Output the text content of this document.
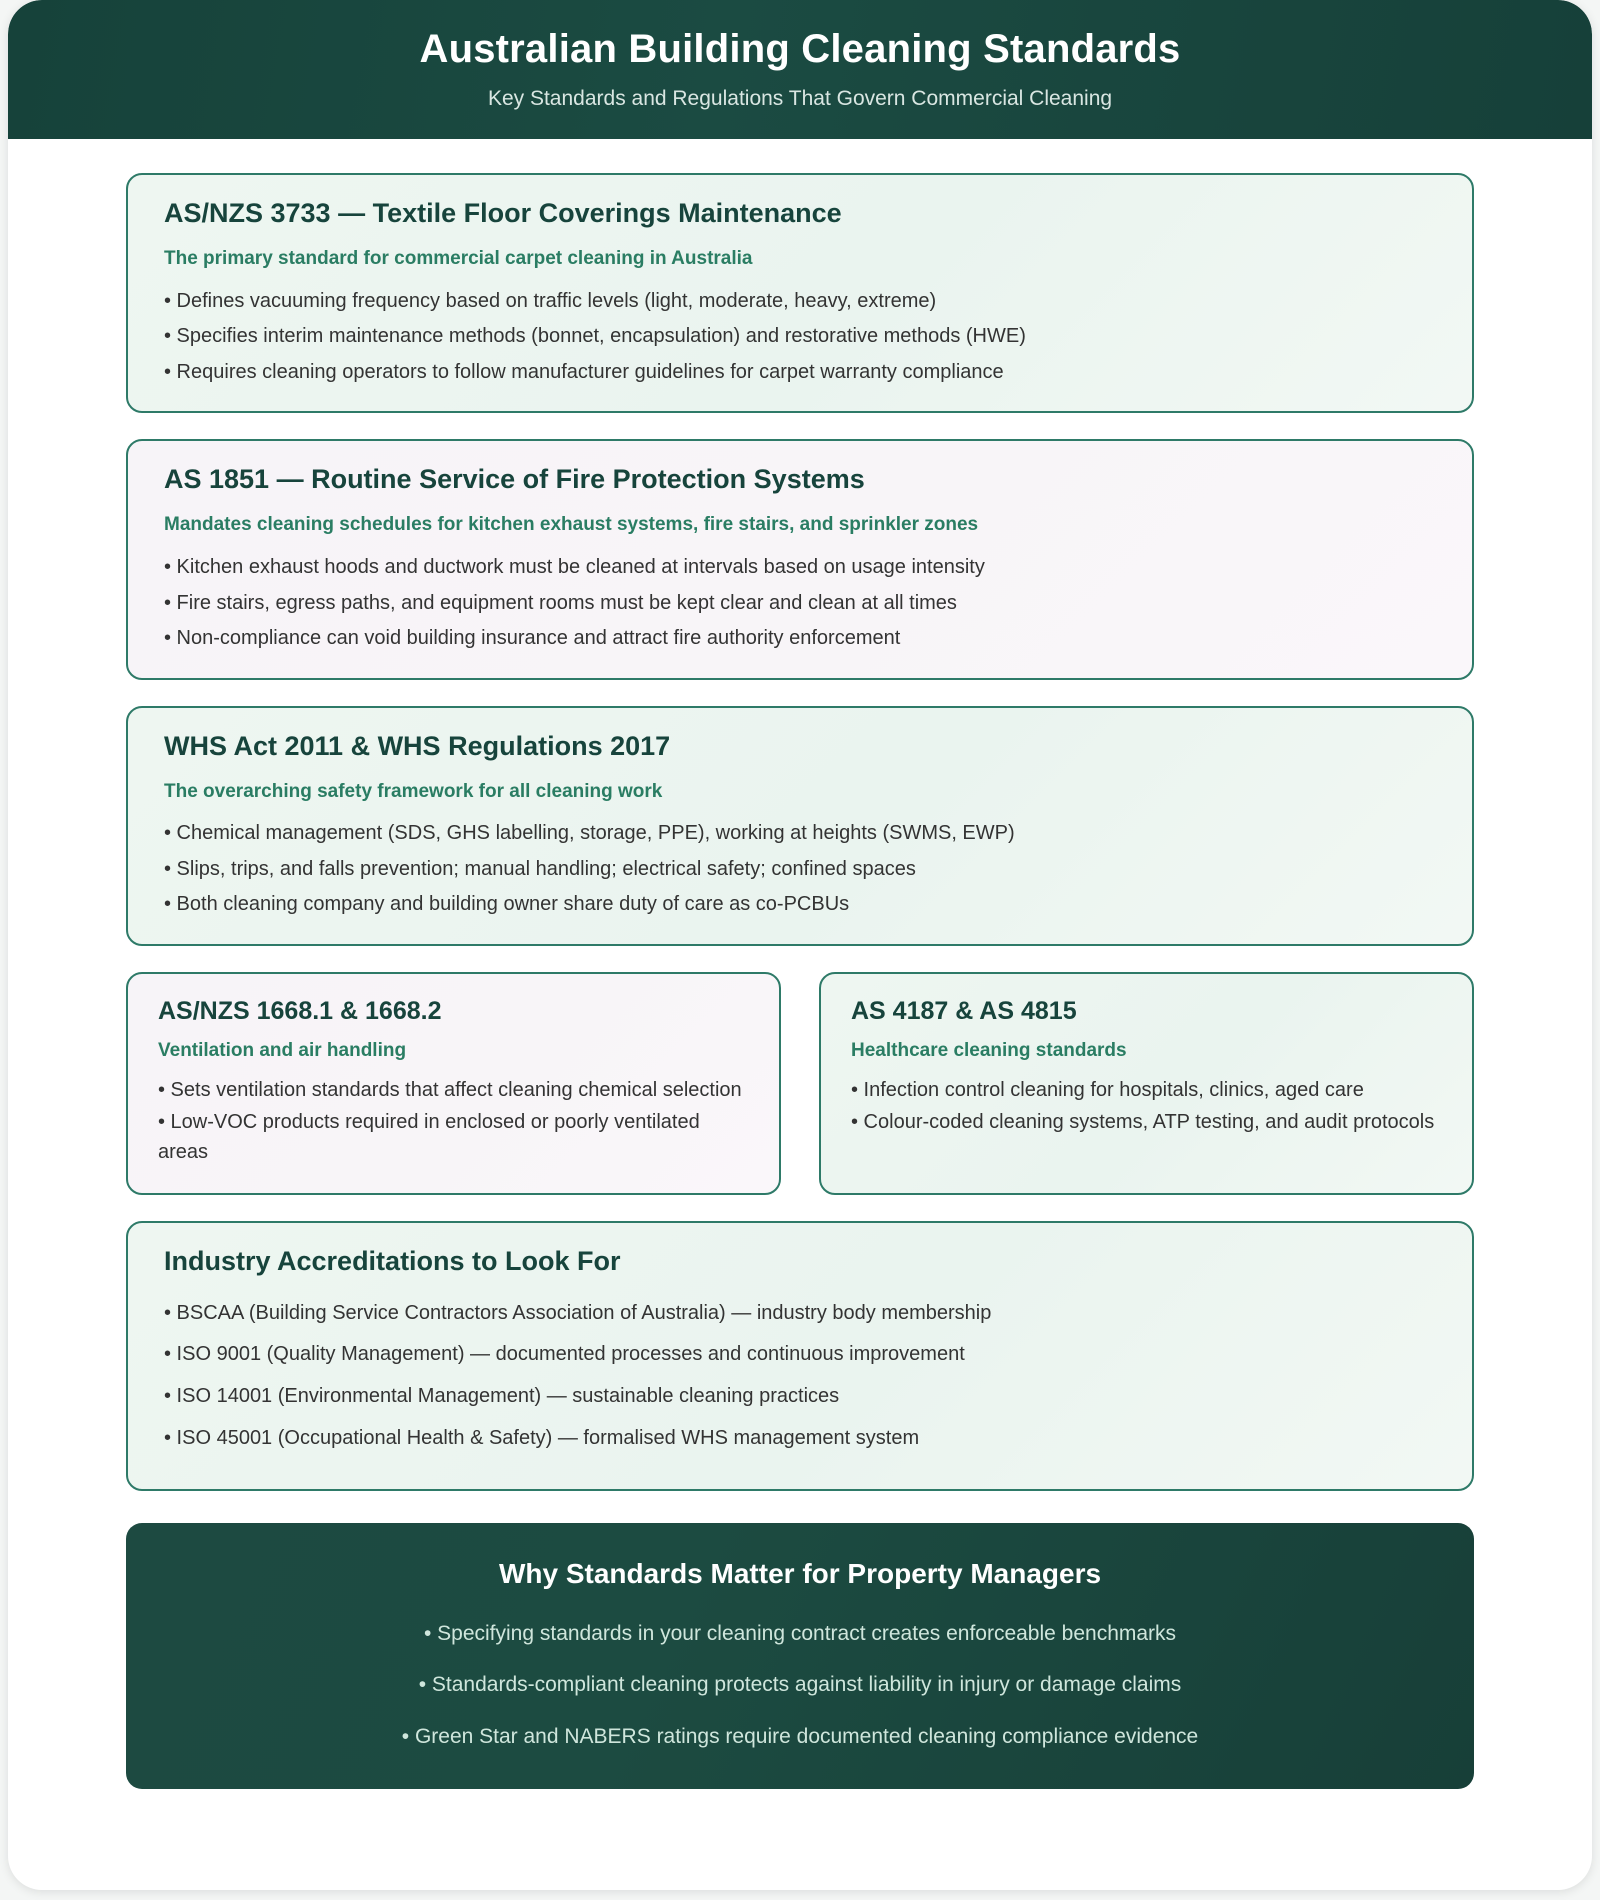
Australian Building Cleaning Standards

Key Standards and Regulations That Govern Commercial Cleaning

AS/NZS 3733 — Textile Floor Coverings Maintenance

The primary standard for commercial carpet cleaning in Australia

• Defines vacuuming frequency based on traffic levels (light, moderate, heavy, extreme)
• Specifies interim maintenance methods (bonnet, encapsulation) and restorative methods (HWE)
• Requires cleaning operators to follow manufacturer guidelines for carpet warranty compliance
AS 1851 — Routine Service of Fire Protection Systems

Mandates cleaning schedules for kitchen exhaust systems, fire stairs, and sprinkler zones

• Kitchen exhaust hoods and ductwork must be cleaned at intervals based on usage intensity
• Fire stairs, egress paths, and equipment rooms must be kept clear and clean at all times
• Non-compliance can void building insurance and attract fire authority enforcement
WHS Act 2011 & WHS Regulations 2017

The overarching safety framework for all cleaning work

• Chemical management (SDS, GHS labelling, storage, PPE), working at heights (SWMS, EWP)
• Slips, trips, and falls prevention; manual handling; electrical safety; confined spaces
• Both cleaning company and building owner share duty of care as co-PCBUs
AS/NZS 1668.1 & 1668.2

Ventilation and air handling

• Sets ventilation standards that affect cleaning chemical selection
• Low-VOC products required in enclosed or poorly ventilated areas
AS 4187 & AS 4815

Healthcare cleaning standards

• Infection control cleaning for hospitals, clinics, aged care
• Colour-coded cleaning systems, ATP testing, and audit protocols
Industry Accreditations to Look For
• BSCAA (Building Service Contractors Association of Australia) — industry body membership
• ISO 9001 (Quality Management) — documented processes and continuous improvement
• ISO 14001 (Environmental Management) — sustainable cleaning practices
• ISO 45001 (Occupational Health & Safety) — formalised WHS management system
Why Standards Matter for Property Managers
• Specifying standards in your cleaning contract creates enforceable benchmarks
• Standards-compliant cleaning protects against liability in injury or damage claims
• Green Star and NABERS ratings require documented cleaning compliance evidence
